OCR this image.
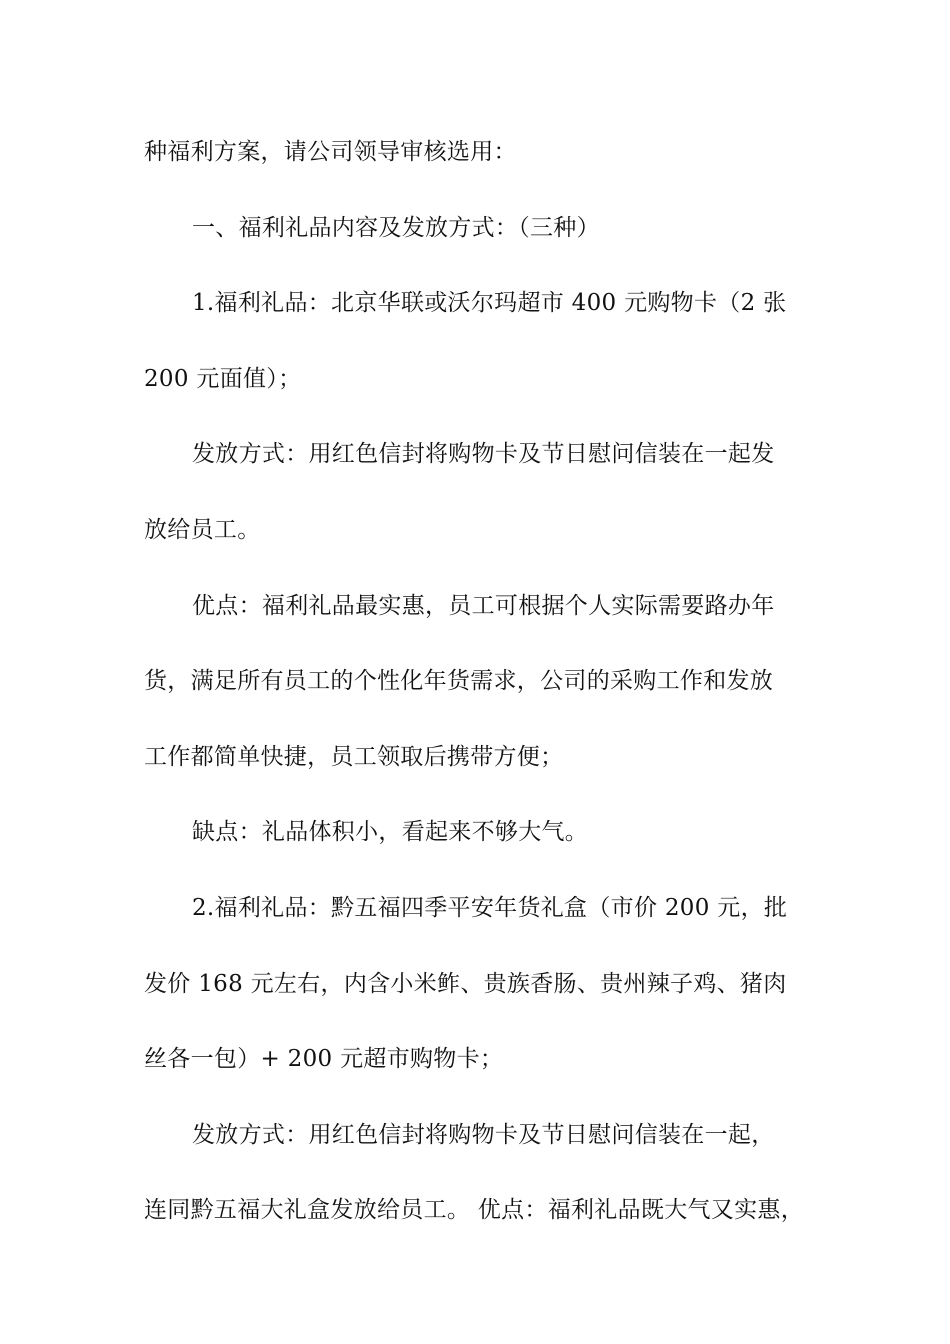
种福利方案，请公司领导审核选用：
一、福利礼品内容及发放方式：（三种）
1.福利礼品：北京华联或沃尔玛超市 400 元购物卡（2 张
200 元面值）；
发放方式：用红色信封将购物卡及节日慰问信装在一起发
放给员工。
优点：福利礼品最实惠，员工可根据个人实际需要路办年
货，满足所有员工的个性化年货需求，公司的采购工作和发放
工作都简单快捷，员工领取后携带方便；
缺点：礼品体积小，看起来不够大气。
2.福利礼品：黔五福四季平安年货礼盒（市价 200 元，批
发价 168 元左右，内含小米鲊、贵族香肠、贵州辣子鸡、猪肉
丝各一包）+ 200 元超市购物卡；
发放方式：用红色信封将购物卡及节日慰问信装在一起，
连同黔五福大礼盒发放给员工。 优点：福利礼品既大气又实惠，
